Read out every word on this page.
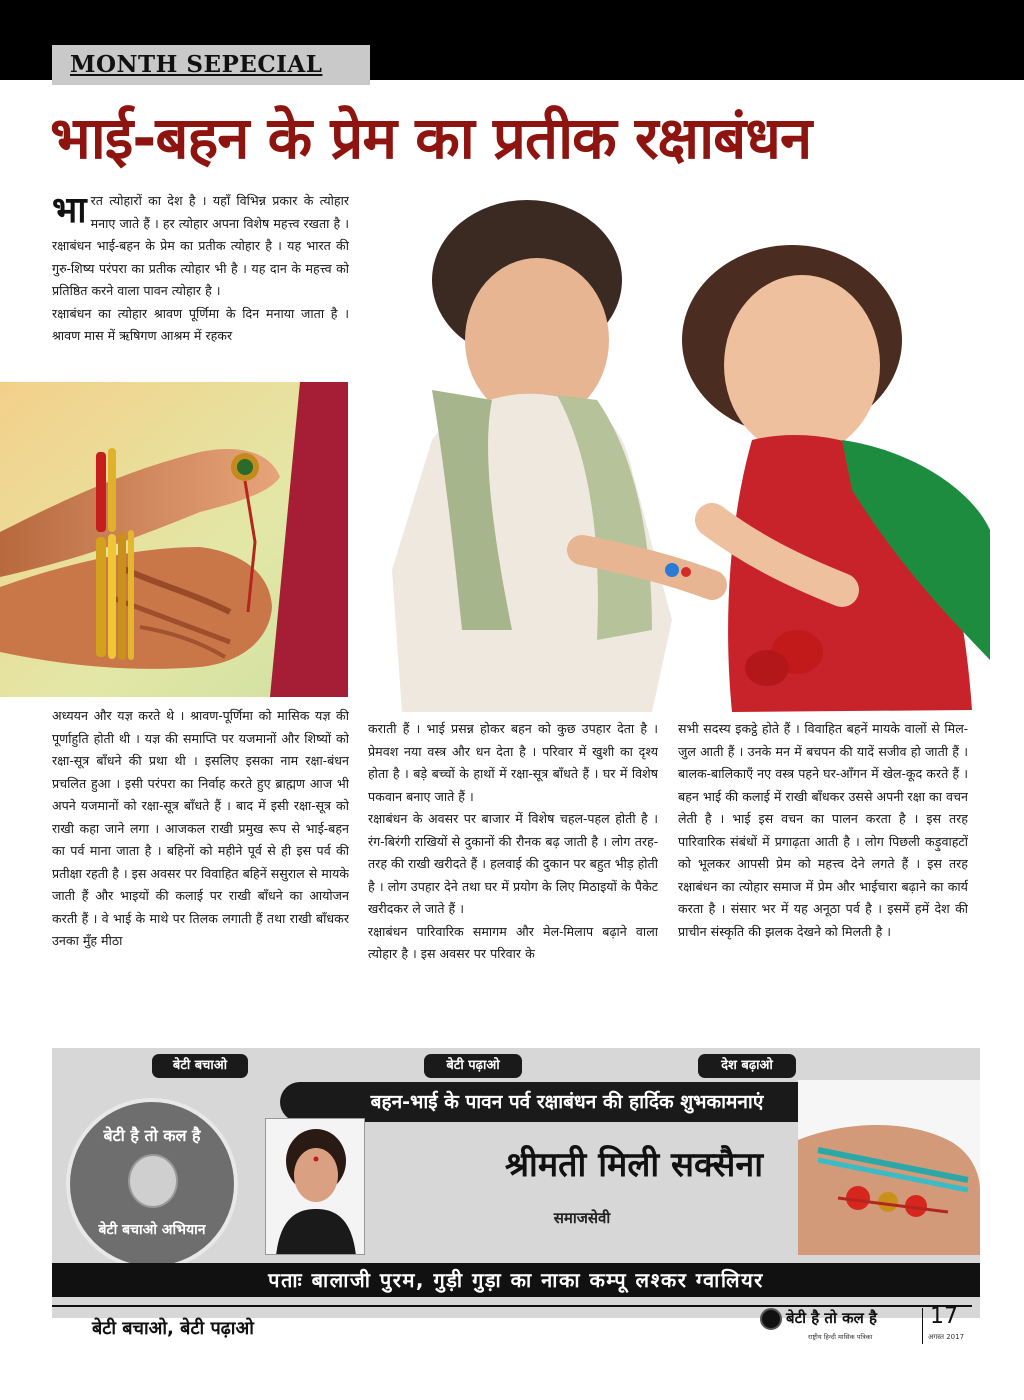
MONTH SEPECIAL
भाई-बहन के प्रेम का प्रतीक रक्षाबंधन
भा रत त्योहारों का देश है । यहाँ विभिन्न प्रकार के त्योहार मनाए जाते हैं । हर त्योहार अपना विशेष महत्त्व रखता है । रक्षाबंधन भाई-बहन के प्रेम का प्रतीक त्योहार है । यह भारत की गुरु-शिष्य परंपरा का प्रतीक त्योहार भी है । यह दान के महत्त्व को प्रतिष्ठित करने वाला पावन त्योहार है ।

रक्षाबंधन का त्योहार श्रावण पूर्णिमा के दिन मनाया जाता है । श्रावण मास में ऋषिगण आश्रम में रहकर

अध्ययन और यज्ञ करते थे । श्रावण-पूर्णिमा को मासिक यज्ञ की पूर्णाहुति होती थी । यज्ञ की समाप्ति पर यजमानों और शिष्यों को रक्षा-सूत्र बाँधने की प्रथा थी । इसलिए इसका नाम रक्षा-बंधन प्रचलित हुआ । इसी परंपरा का निर्वाह करते हुए ब्राह्मण आज भी अपने यजमानों को रक्षा-सूत्र बाँधते हैं । बाद में इसी रक्षा-सूत्र को राखी कहा जाने लगा । आजकल राखी प्रमुख रूप से भाई-बहन का पर्व माना जाता है । बहिनों को महीने पूर्व से ही इस पर्व की प्रतीक्षा रहती है । इस अवसर पर विवाहित बहिनें ससुराल से मायके जाती हैं और भाइयों की कलाई पर राखी बाँधने का आयोजन करती हैं । वे भाई के माथे पर तिलक लगाती हैं तथा राखी बाँधकर उनका मुँह मीठा

कराती हैं । भाई प्रसन्न होकर बहन को कुछ उपहार देता है । प्रेमवश नया वस्त्र और धन देता है । परिवार में खुशी का दृश्य होता है । बड़े बच्चों के हाथों में रक्षा-सूत्र बाँधते हैं । घर में विशेष पकवान बनाए जाते हैं ।

रक्षाबंधन के अवसर पर बाजार में विशेष चहल-पहल होती है । रंग-बिरंगी राखियों से दुकानों की रौनक बढ़ जाती है । लोग तरह-तरह की राखी खरीदते हैं । हलवाई की दुकान पर बहुत भीड़ होती है । लोग उपहार देने तथा घर में प्रयोग के लिए मिठाइयों के पैकेट खरीदकर ले जाते हैं ।

रक्षाबंधन पारिवारिक समागम और मेल-मिलाप बढ़ाने वाला त्योहार है । इस अवसर पर परिवार के

सभी सदस्य इकट्ठे होते हैं । विवाहित बहनें मायके वालों से मिल-जुल आती हैं । उनके मन में बचपन की यादें सजीव हो जाती हैं । बालक-बालिकाएँ नए वस्त्र पहने घर-आँगन में खेल-कूद करते हैं । बहन भाई की कलाई में राखी बाँधकर उससे अपनी रक्षा का वचन लेती है । भाई इस वचन का पालन करता है । इस तरह पारिवारिक संबंधों में प्रगाढ़ता आती है । लोग पिछली कड़ुवाहटों को भूलकर आपसी प्रेम को महत्त्व देने लगते हैं । इस तरह रक्षाबंधन का त्योहार समाज में प्रेम और भाईचारा बढ़ाने का कार्य करता है । संसार भर में यह अनूठा पर्व है । इसमें हमें देश की प्राचीन संस्कृति की झलक देखने को मिलती है ।

बेटी बचाओ	बेटी पढ़ाओ	देश बढ़ाओ
बहन-भाई के पावन पर्व रक्षाबंधन की हार्दिक शुभकामनाएं
बेटी है तो कल है
बेटी बचाओ अभियान
श्रीमती मिली सक्सैना
समाजसेवी
पताः बालाजी पुरम, गुड़ी गुड़ा का नाका कम्पू लश्कर ग्वालियर
बेटी बचाओ, बेटी पढ़ाओ	बेटी है तो कल है
राष्ट्रीय हिन्दी मासिक पत्रिका
17
अगस्त 2017
